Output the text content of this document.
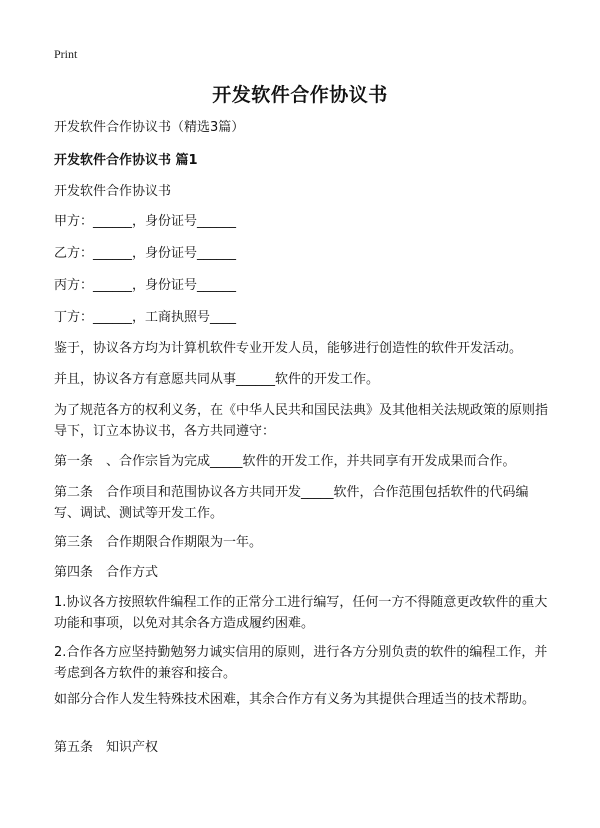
Print
开发软件合作协议书
开发软件合作协议书（精选3篇）
开发软件合作协议书 篇1
开发软件合作协议书
甲方：______，身份证号______
乙方：______，身份证号______
丙方：______，身份证号______
丁方：______，工商执照号____
鉴于，协议各方均为计算机软件专业开发人员，能够进行创造性的软件开发活动。
并且，协议各方有意愿共同从事______软件的开发工作。
为了规范各方的权利义务，在《中华人民共和国民法典》及其他相关法规政策的原则指导下，订立本协议书，各方共同遵守：
第一条　、合作宗旨为完成_____软件的开发工作，并共同享有开发成果而合作。
第二条　合作项目和范围协议各方共同开发_____软件，合作范围包括软件的代码编写、调试、测试等开发工作。
第三条　合作期限合作期限为一年。
第四条　合作方式
1.协议各方按照软件编程工作的正常分工进行编写，任何一方不得随意更改软件的重大功能和事项，以免对其余各方造成履约困难。
2.合作各方应坚持勤勉努力诚实信用的原则，进行各方分别负责的软件的编程工作，并考虑到各方软件的兼容和接合。
如部分合作人发生特殊技术困难，其余合作方有义务为其提供合理适当的技术帮助。
第五条　知识产权
